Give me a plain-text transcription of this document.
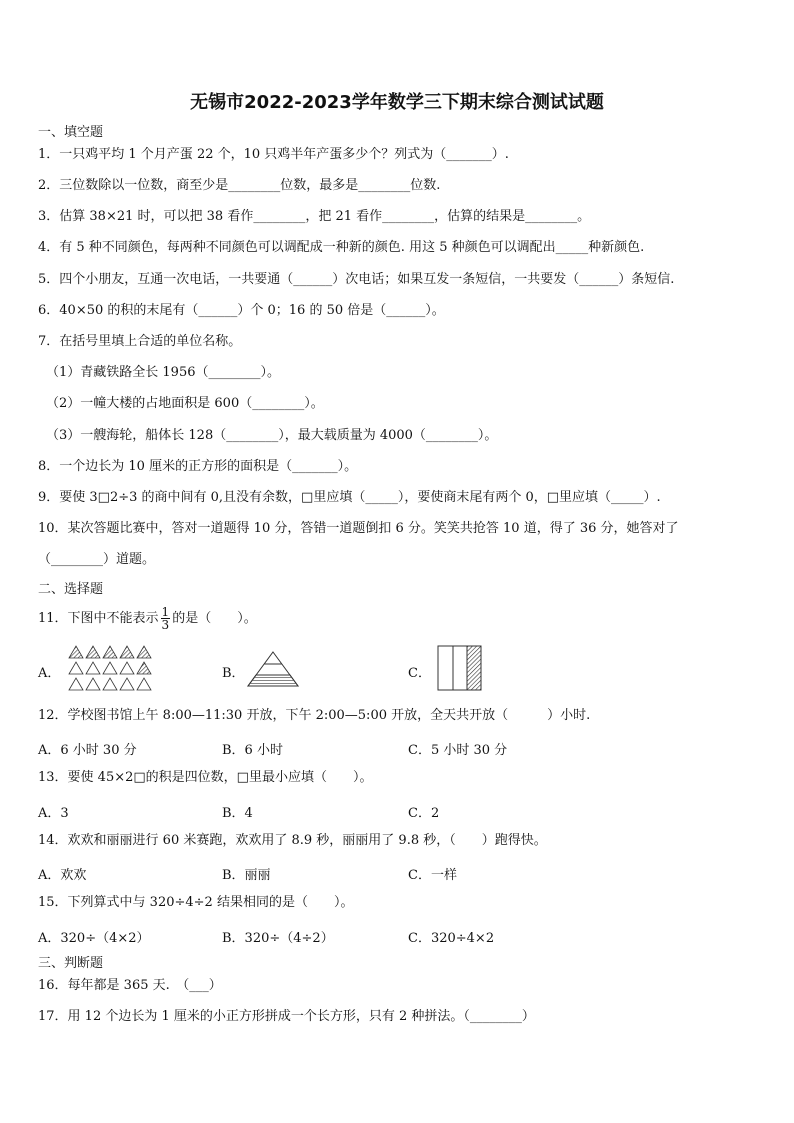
无锡市2022-2023学年数学三下期末综合测试试题
一、填空题
1．一只鸡平均 1 个月产蛋 22 个，10 只鸡半年产蛋多少个？列式为（_______）.
2．三位数除以一位数，商至少是________位数，最多是________位数.
3．估算 38×21 时，可以把 38 看作________，把 21 看作________，估算的结果是________。
4．有 5 种不同颜色，每两种不同颜色可以调配成一种新的颜色. 用这 5 种颜色可以调配出_____种新颜色.
5．四个小朋友，互通一次电话，一共要通（______）次电话；如果互发一条短信，一共要发（______）条短信.
6．40×50 的积的末尾有（______）个 0；16 的 50 倍是（______）。
7．在括号里填上合适的单位名称。
（1）青藏铁路全长 1956（________）。
（2）一幢大楼的占地面积是 600（________）。
（3）一艘海轮，船体长 128（________），最大载质量为 4000（________）。
8．一个边长为 10 厘米的正方形的面积是（_______）。
9．要使 3□2÷3 的商中间有 0,且没有余数，□里应填（_____），要使商末尾有两个 0，□里应填（_____）.
10．某次答题比赛中，答对一道题得 10 分，答错一道题倒扣 6 分。笑笑共抢答 10 道，得了 36 分，她答对了
（________）道题。
二、选择题
11．下图中不能表示 $\frac{1}{3}$ 的是（　　）。
A．	B．	C．
12．学校图书馆上午 8:00—11:30 开放，下午 2:00—5:00 开放，全天共开放（　　　）小时.
A．6 小时 30 分	B．6 小时	C．5 小时 30 分
13．要使 45×2□的积是四位数，□里最小应填（　　）。
A．3	B．4	C．2
14．欢欢和丽丽进行 60 米赛跑，欢欢用了 8.9 秒，丽丽用了 9.8 秒，（　　）跑得快。
A．欢欢	B．丽丽	C．一样
15．下列算式中与 320÷4÷2 结果相同的是（　　）。
A．320÷（4×2）	B．320÷（4÷2）	C．320÷4×2
三、判断题
16．每年都是 365 天.　（___）
17．用 12 个边长为 1 厘米的小正方形拼成一个长方形，只有 2 种拼法。（________）
